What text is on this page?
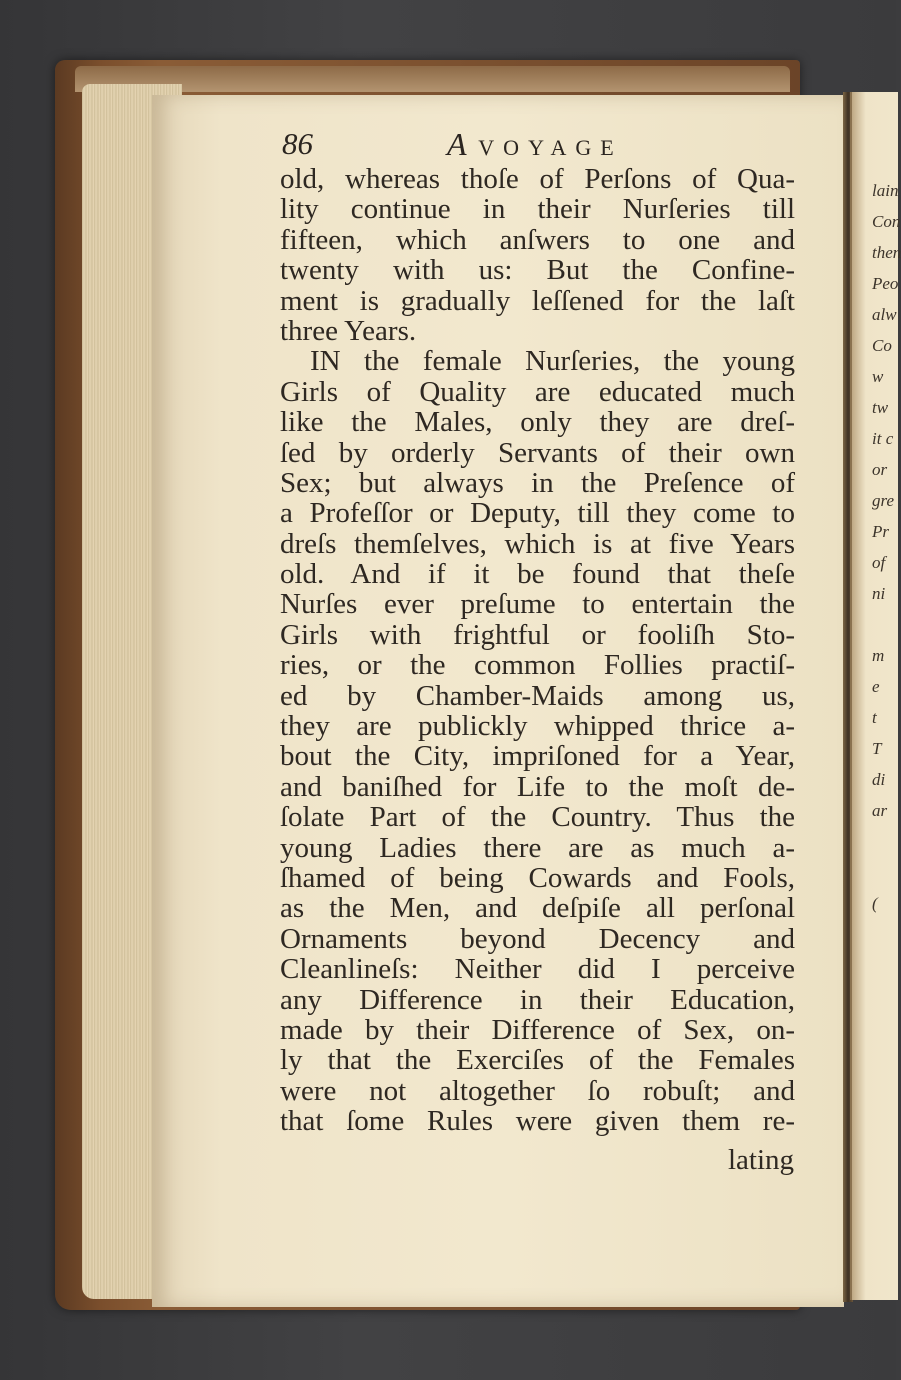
86	A VOYAGE
old, whereas thoſe of Perſons of Qua-
lity continue in their Nurſeries till
fifteen, which anſwers to one and
twenty with us: But the Confine-
ment is gradually leſſened for the laſt
three Years.
IN the female Nurſeries, the young
Girls of Quality are educated much
like the Males, only they are dreſ-
ſed by orderly Servants of their own
Sex; but always in the Preſence of
a Profeſſor or Deputy, till they come to
dreſs themſelves, which is at five Years
old. And if it be found that theſe
Nurſes ever preſume to entertain the
Girls with frightful or fooliſh Sto-
ries, or the common Follies practiſ-
ed by Chamber-Maids among us,
they are publickly whipped thrice a-
bout the City, impriſoned for a Year,
and baniſhed for Life to the moſt de-
ſolate Part of the Country. Thus the
young Ladies there are as much a-
ſhamed of being Cowards and Fools,
as the Men, and deſpiſe all perſonal
Ornaments beyond Decency and
Cleanlineſs: Neither did I perceive
any Difference in their Education,
made by their Difference of Sex, on-
ly that the Exerciſes of the Females
were not altogether ſo robuſt; and
that ſome Rules were given them re-
lating
lain
Con
then
Peo
alw
Co
w
tw
it c
or
gre
Pr
of
ni
m
e
t
T
di
ar
(
